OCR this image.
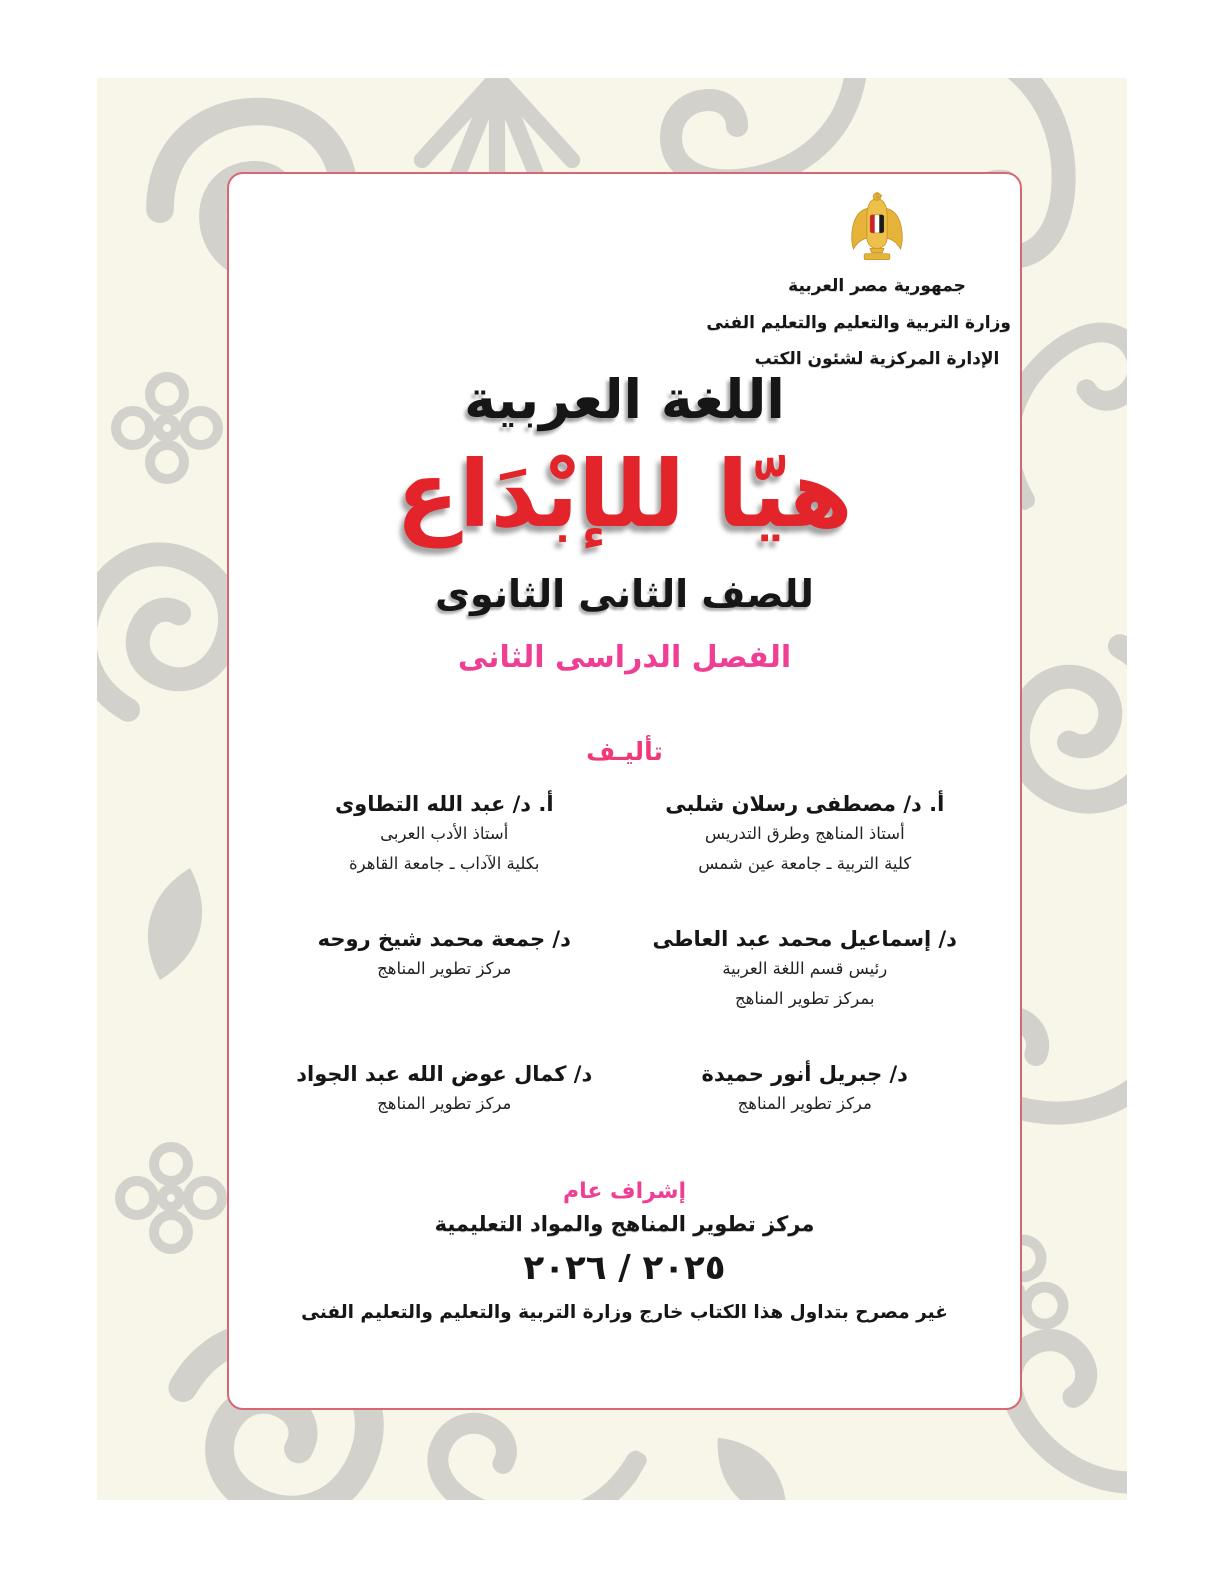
جمهورية مصر العربية
وزارة التربية والتعليم والتعليم الفنى
الإدارة المركزية لشئون الكتب
اللغة العربية
هيّا للإبْدَاع
للصف الثانى الثانوى
الفصل الدراسى الثانى
تأليـف
أ. د/ مصطفى رسلان شلبى
أستاذ المناهج وطرق التدريس
كلية التربية ـ جامعة عين شمس
أ. د/ عبد الله التطاوى
أستاذ الأدب العربى
بكلية الآداب ـ جامعة القاهرة
د/ إسماعيل محمد عبد العاطى
رئيس قسم اللغة العربية
بمركز تطوير المناهج
د/ جمعة محمد شيخ روحه
مركز تطوير المناهج
د/ جبريل أنور حميدة
مركز تطوير المناهج
د/ كمال عوض الله عبد الجواد
مركز تطوير المناهج
إشراف عام
مركز تطوير المناهج والمواد التعليمية
٢٠٢٥ / ٢٠٢٦
غير مصرح بتداول هذا الكتاب خارج وزارة التربية والتعليم والتعليم الفنى
